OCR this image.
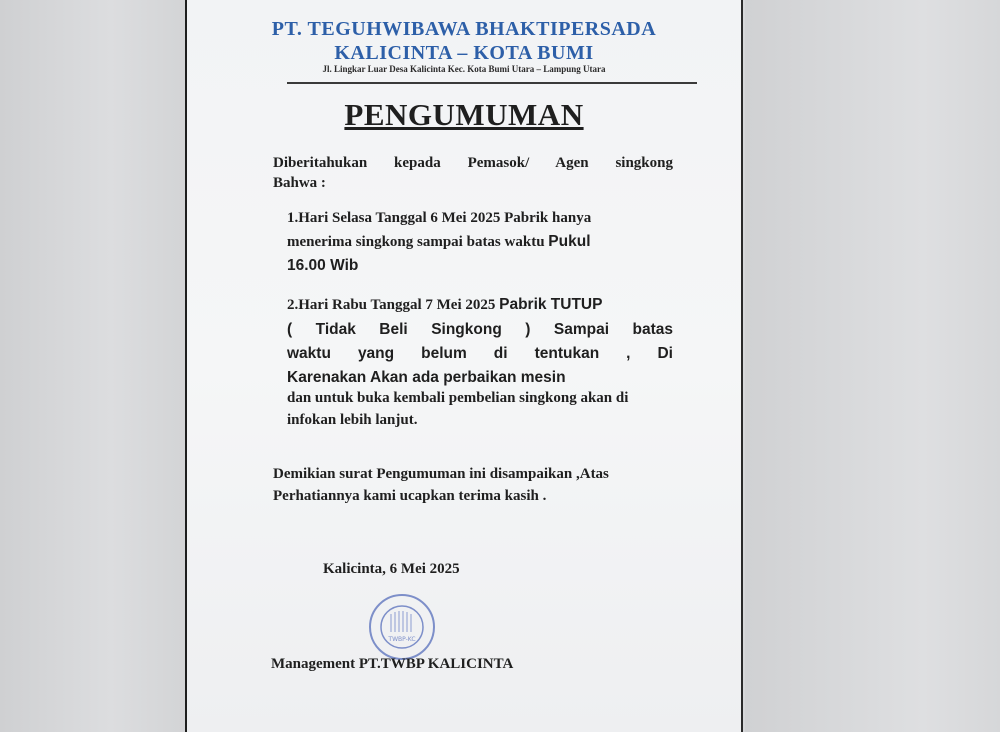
PT. TEGUHWIBAWA BHAKTIPERSADA
KALICINTA – KOTA BUMI
Jl. Lingkar Luar Desa Kalicinta Kec. Kota Bumi Utara – Lampung Utara
PENGUMUMAN
Diberitahukan kepada Pemasok/ Agen singkong
Bahwa :
1.Hari Selasa Tanggal 6 Mei 2025 Pabrik hanya
menerima singkong sampai batas waktu Pukul
16.00 Wib
2.Hari Rabu Tanggal 7 Mei 2025 Pabrik TUTUP
( Tidak Beli Singkong ) Sampai batas
waktu yang belum di tentukan , Di
Karenakan Akan ada perbaikan mesin
dan untuk buka kembali pembelian singkong akan di
infokan lebih lanjut.
Demikian surat Pengumuman ini disampaikan ,Atas
Perhatiannya kami ucapkan terima kasih .
Kalicinta, 6 Mei 2025
TWBP-KC
Management PT.TWBP KALICINTA
